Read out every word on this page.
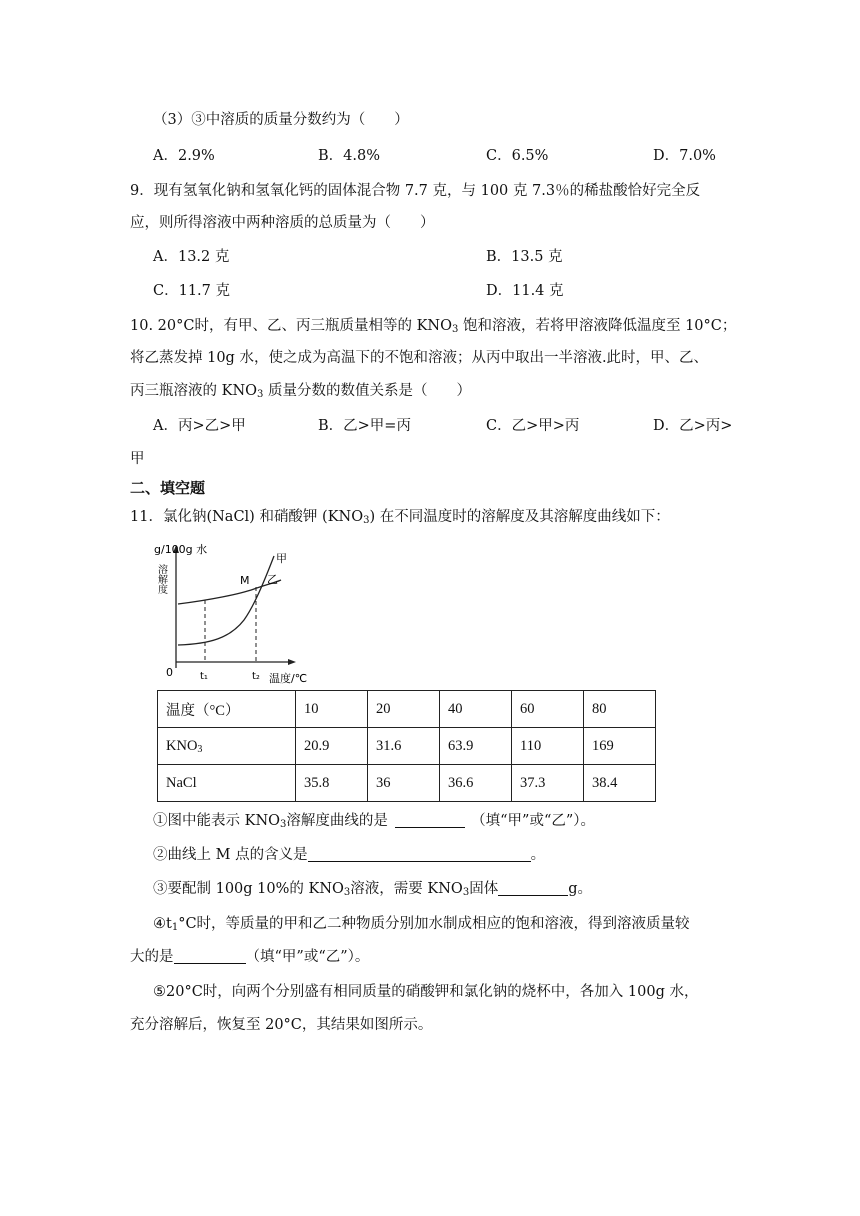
（3）③中溶质的质量分数约为（　　）
A．2.9%	B．4.8%	C．6.5%	D．7.0%
9．现有氢氧化钠和氢氧化钙的固体混合物 7.7 克，与 100 克 7.3％的稀盐酸恰好完全反
应，则所得溶液中两种溶质的总质量为（　　）
A．13.2 克	B．13.5 克
C．11.7 克	D．11.4 克
10. 20°C时，有甲、乙、丙三瓶质量相等的 $KNO_3$ 饱和溶液，若将甲溶液降低温度至 10°C；
将乙蒸发掉 10g 水，使之成为高温下的不饱和溶液；从丙中取出一半溶液.此时，甲、乙、
丙三瓶溶液的 $KNO_3$ 质量分数的数值关系是（　　）
A．丙>乙>甲	B．乙>甲=丙	C．乙>甲>丙	D．乙>丙>
甲
二、填空题
11．氯化钠(NaCl) 和硝酸钾 $(KNO_3)$ 在不同温度时的溶解度及其溶解度曲线如下：
g/100g 水
溶解度
甲
乙
M
0	t₁	t₂ 温度/℃
温度（°C）	10	20	40	60	80
$KNO_3$	20.9	31.6	63.9	110	169
NaCl	35.8	36	36.6	37.3	38.4
①图中能表示 $KNO_3$溶解度曲线的是	（填“甲”或“乙”）。
②曲线上 M 点的含义是	。
③要配制 100g 10%的 $KNO_3$溶液，需要 $KNO_3$固体	g。
$④t_1^\circ C$时，等质量的甲和乙二种物质分别加水制成相应的饱和溶液，得到溶液质量较
大的是	（填“甲”或“乙”）。
⑤20°C时，向两个分别盛有相同质量的硝酸钾和氯化钠的烧杯中，各加入 100g 水，
充分溶解后，恢复至 20°C，其结果如图所示。
